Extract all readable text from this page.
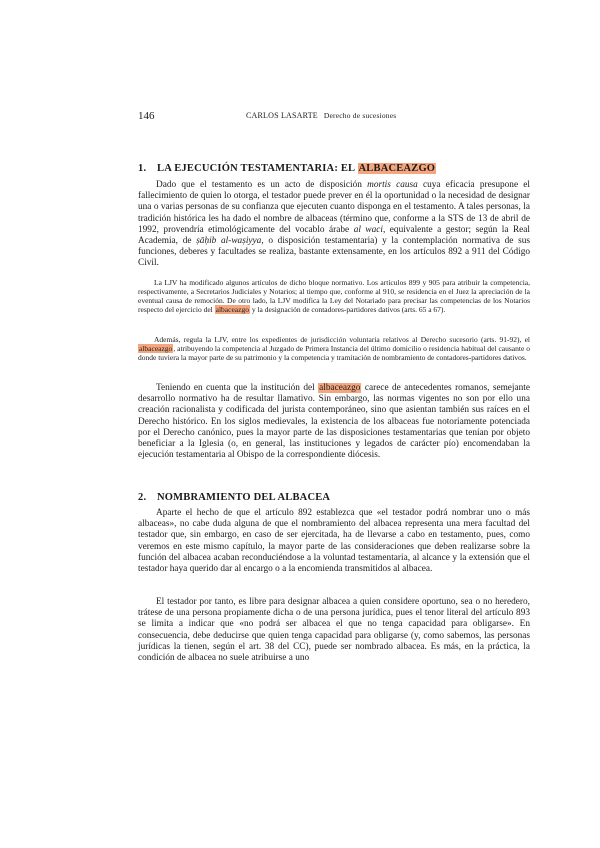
146	CARLOS LASARTE Derecho de sucesiones
1. LA EJECUCIÓN TESTAMENTARIA: EL ALBACEAZGO

Dado que el testamento es un acto de disposición mortis causa cuya eficacia presupone el fallecimiento de quien lo otorga, el testador puede prever en él la oportunidad o la necesidad de designar una o varias personas de su confianza que ejecuten cuanto disponga en el testamento. A tales personas, la tradición histórica les ha dado el nombre de albaceas (término que, conforme a la STS de 13 de abril de 1992, provendría etimológicamente del vocablo árabe al waci, equivalente a gestor; según la Real Academia, de ṣāḥib al-waṣiyya, o disposición testamentaria) y la contemplación normativa de sus funciones, deberes y facultades se realiza, bastante extensamente, en los artículos 892 a 911 del Código Civil.

La LJV ha modificado algunos artículos de dicho bloque normativo. Los artículos 899 y 905 para atribuir la competencia, respectivamente, a Secretarios Judiciales y Notarios; al tiempo que, conforme al 910, se residencia en el Juez la apreciación de la eventual causa de remoción. De otro lado, la LJV modifica la Ley del Notariado para precisar las competencias de los Notarios respecto del ejercicio del albaceazgo y la designación de contadores-partidores dativos (arts. 65 a 67).

Además, regula la LJV, entre los expedientes de jurisdicción voluntaria relativos al Derecho sucesorio (arts. 91-92), el albaceazgo, atribuyendo la competencia al Juzgado de Primera Instancia del último domicilio o residencia habitual del causante o donde tuviera la mayor parte de su patrimonio y la competencia y tramitación de nombramiento de contadores-partidores dativos.

Teniendo en cuenta que la institución del albaceazgo carece de antecedentes romanos, semejante desarrollo normativo ha de resultar llamativo. Sin embargo, las normas vigentes no son por ello una creación racionalista y codificada del jurista contemporáneo, sino que asientan también sus raíces en el Derecho histórico. En los siglos medievales, la existencia de los albaceas fue notoriamente potenciada por el Derecho canónico, pues la mayor parte de las disposiciones testamentarias que tenían por objeto beneficiar a la Iglesia (o, en general, las instituciones y legados de carácter pío) encomendaban la ejecución testamentaria al Obispo de la correspondiente diócesis.

2. NOMBRAMIENTO DEL ALBACEA

Aparte el hecho de que el artículo 892 establezca que «el testador podrá nombrar uno o más albaceas», no cabe duda alguna de que el nombramiento del albacea representa una mera facultad del testador que, sin embargo, en caso de ser ejercitada, ha de llevarse a cabo en testamento, pues, como veremos en este mismo capítulo, la mayor parte de las consideraciones que deben realizarse sobre la función del albacea acaban reconduciéndose a la voluntad testamentaria, al alcance y la extensión que el testador haya querido dar al encargo o a la encomienda transmitidos al albacea.

El testador por tanto, es libre para designar albacea a quien considere oportuno, sea o no heredero, trátese de una persona propiamente dicha o de una persona jurídica, pues el tenor literal del artículo 893 se limita a indicar que «no podrá ser albacea el que no tenga capacidad para obligarse». En consecuencia, debe deducirse que quien tenga capacidad para obligarse (y, como sabemos, las personas jurídicas la tienen, según el art. 38 del CC), puede ser nombrado albacea. Es más, en la práctica, la condición de albacea no suele atribuirse a uno
